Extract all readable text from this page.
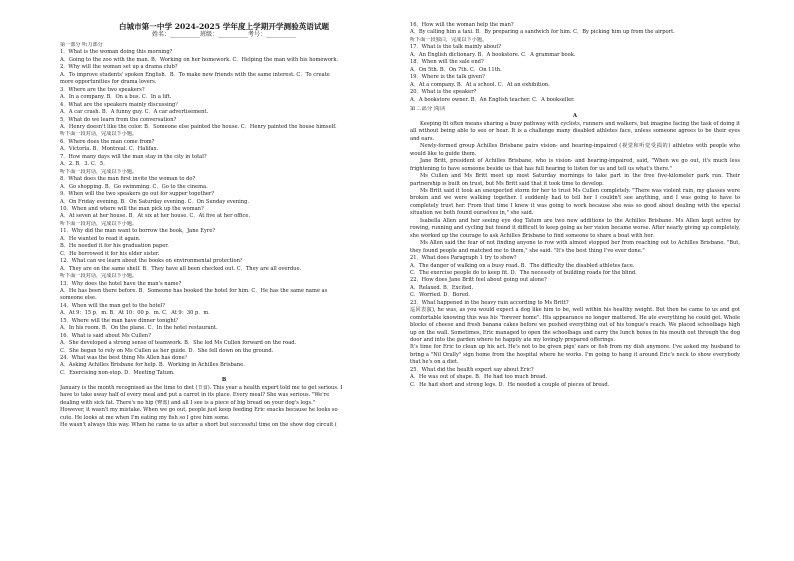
白城市第一中学 2024-2025 学年度上学期开学测验英语试题
姓名：__________班级：__________考号：__________
第一部分 听力部分
1．What is the woman doing this morning?
A．Going to the zoo with the man. B．Working on her homework. C．Helping the man with his homework.
2．Why will the woman set up a drama club?
A．To improve students' spoken English．B．To make new friends with the same interest. C．To create
more opportunities for drama lovers.
3．Where are the two speakers?
A．In a company. B．On a bus. C．In a lift.
4．What are the speakers mainly discussing？
A．A car crash. B．A funny guy. C．A car advertisement.
5．What do we learn from the conversation?
A．Henry doesn't like the color. B．Someone else painted the house. C．Henry painted the house himself.
听下面一段对话，完成以下小题。
6．Where does the man come from?
A．Victoria. B．Montreal. C．Halifax.
7．How many days will the man stay in the city in total?
A．2. B．3. C．5.
听下面一段对话，完成以下小题。
8．What does the man first invite the woman to do?
A．Go shopping. B．Go swimming. C．Go to the cinema.
9．When will the two speakers go out for supper together?
A．On Friday evening. B．On Saturday evening. C．On Sunday evening.
10．When and where will the man pick up the woman?
A．At seven at her house. B．At six at her house. C．At five at her office.
听下面一段对话，完成以下小题。
11．Why did the man want to borrow the book，Jane Eyre?
A．He wanted to read it again.
B．He needed it for his graduation paper.
C．He borrowed it for his elder sister.
12．What can we learn about the books on environmental protection？
A．They are on the same shelf. B．They have all been checked out. C．They are all overdue.
听下面一段对话，完成以下小题。
13．Why does the hotel have the man's name?
A．He has been there before. B．Someone has booked the hotel for him. C．He has the same name as
someone else.
14．When will the man get to the hotel?
A．At 9：15 p．m. B．At 10：00 p．m. C．At 9：30 p．m.
15．Where will the man have dinner tonight？
A．In his room. B．On the plane. C．In the hotel restaurant.
16．What is said about Ms Cullen?
A．She developed a strong sense of teamwork. B．She led Ms Cullen forward on the road.
C．She began to rely on Ms Cullen as her guide. D．She fell down on the ground.
24．What was the best thing Ms Allen has done？
A．Asking Achilles Brisbane for help. B．Working in Achilles Brisbane.
C．Exercising non-stop. D．Meeting Tatum.
B
January is the month recognised as the time to diet (节食). This year a health expert told me to get serious. I
have to take away half of every meal and put a carrot in its place. Every meal? She was serious. "We're
dealing with sick fat. There's no hip (臀部) and all I see is a piece of big bread on your dog's legs."
However, it wasn't my mistake. When we go out, people just keep feeding Eric snacks because he looks so
cute. He looks at me when I'm eating my fish so I give him some.
He wasn't always this way. When he came to us after a short but successful time on the show dog circuit (
16．How will the woman help the man?
A．By calling him a taxi. B．By preparing a sandwich for him. C．By picking him up from the airport.
听下面一段独白，完成以下小题。
17．What is the talk mainly about?
A．An English dictionary. B．A bookstore. C．A grammar book.
18．When will the sale end?
A．On 5th. B．On 7th. C．On 11th.
19．Where is the talk given?
A．At a company. B．At a school. C．At an exhibition.
20．What is the speaker?
A．A bookstore owner. B．An English teacher. C．A bookseller.
第二部分 阅读
A
Keeping fit often means sharing a busy pathway with cyclists, runners and walkers, but imagine facing the task of doing it all without being able to see or hear. It is a challenge many disabled athletes face, unless someone agrees to be their eyes and ears.
Newly-formed group Achilles Brisbane pairs vision- and hearing-impaired (视觉和听觉受损的) athletes with people who would like to guide them.
Jane Britt, president of Achilles Brisbane, who is vision- and hearing-impaired, said, "When we go out, it's much less frightening to have someone beside us that has full hearing to listen for us and tell us what's there."
Ms Cullen and Ms Britt meet up most Saturday mornings to take part in the free five-kilometer park run. Their partnership is built on trust, but Ms Britt said that it took time to develop.
Ms Britt said it took an unexpected storm for her to trust Ms Cullen completely. "There was violent rain, my glasses were broken and we were walking together. I suddenly had to tell her I couldn't see anything, and I was going to have to completely trust her. From that time I knew it was going to work because she was so good about dealing with the special situation we both found ourselves in," she said.
Isabella Allen and her seeing eye dog Tatum are two new additions to the Achilles Brisbane. Ms Allen kept active by rowing, running and cycling but found it difficult to keep going as her vision became worse. After nearly giving up completely, she worked up the courage to ask Achilles Brisbane to find someone to share a boat with her.
Ms Allen said the fear of not finding anyone to row with almost stopped her from reaching out to Achilles Brisbane. "But, they found people and matched me to them," she said. "It's the best thing I've ever done."
21．What does Paragraph 1 try to show?
A．The danger of walking on a busy road. B．The difficulty the disabled athletes face.
C．The exercise people do to keep fit. D．The necessity of building roads for the blind.
22．How does Jane Britt feel about going out alone?
A．Relaxed. B．Excited.
C．Worried. D．Bored.
23．What happened in the heavy rain according to Ms Britt?
巡回表演), he was, as you would expect a dog like him to be, well within his healthy weight. But then he came to us and got comfortable knowing this was his "forever home". His appearance no longer mattered. He ate everything he could get. Whole blocks of cheese and fresh banana cakes before we pushed everything out of his tongue's reach. We placed schoolbags high up on the wall. Sometimes, Eric managed to open the schoolbags and carry the lunch boxes in his mouth out through the dog door and into the garden where he happily ate my lovingly prepared offerings.
It's time for Eric to clean up his act. He's not to be given pigs' ears or fish from my dish anymore. I've asked my husband to bring a "Nil Orally" sign home from the hospital where he works. I'm going to hang it around Eric's neck to show everybody that he's on a diet.
25．What did the health expert say about Eric?
A．He was out of shape. B．He had too much bread.
C．He had short and strong legs. D．He needed a couple of pieces of bread.
